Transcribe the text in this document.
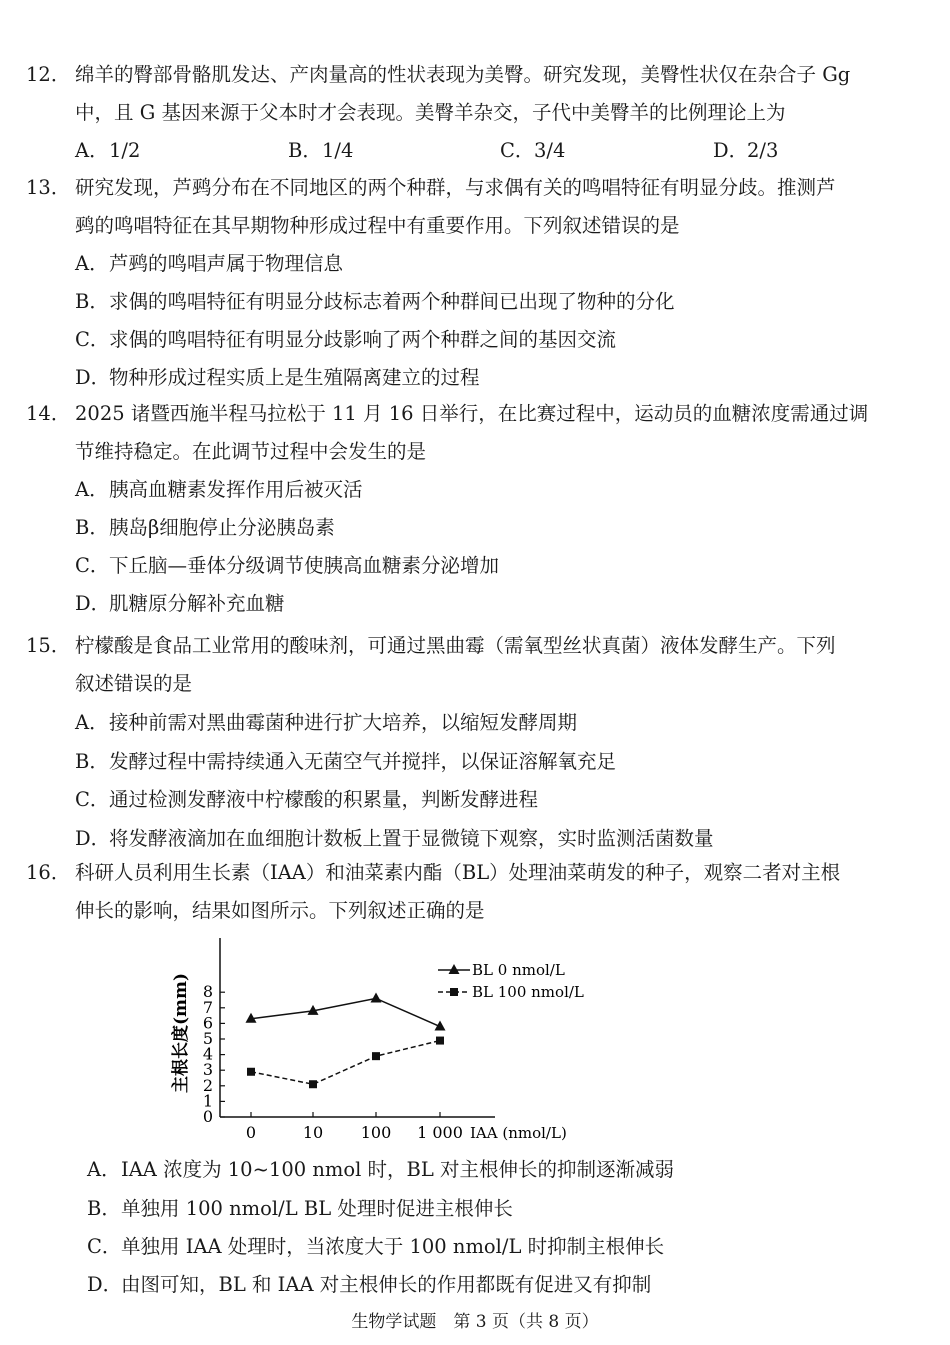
12． 绵羊的臀部骨骼肌发达、产肉量高的性状表现为美臀。研究发现，美臀性状仅在杂合子 Gg
中，且 G 基因来源于父本时才会表现。美臀羊杂交，子代中美臀羊的比例理论上为
A．1/2	B．1/4	C．3/4	D．2/3
13． 研究发现，芦鹀分布在不同地区的两个种群，与求偶有关的鸣唱特征有明显分歧。推测芦
鹀的鸣唱特征在其早期物种形成过程中有重要作用。下列叙述错误的是
A．芦鹀的鸣唱声属于物理信息
B．求偶的鸣唱特征有明显分歧标志着两个种群间已出现了物种的分化
C．求偶的鸣唱特征有明显分歧影响了两个种群之间的基因交流
D．物种形成过程实质上是生殖隔离建立的过程
14． 2025 诸暨西施半程马拉松于 11 月 16 日举行，在比赛过程中，运动员的血糖浓度需通过调
节维持稳定。在此调节过程中会发生的是
A．胰高血糖素发挥作用后被灭活
B．胰岛β细胞停止分泌胰岛素
C．下丘脑—垂体分级调节使胰高血糖素分泌增加
D．肌糖原分解补充血糖
15． 柠檬酸是食品工业常用的酸味剂，可通过黑曲霉（需氧型丝状真菌）液体发酵生产。下列
叙述错误的是
A．接种前需对黑曲霉菌种进行扩大培养，以缩短发酵周期
B．发酵过程中需持续通入无菌空气并搅拌，以保证溶解氧充足
C．通过检测发酵液中柠檬酸的积累量，判断发酵进程
D．将发酵液滴加在血细胞计数板上置于显微镜下观察，实时监测活菌数量
16． 科研人员利用生长素（IAA）和油菜素内酯（BL）处理油菜萌发的种子，观察二者对主根
伸长的影响，结果如图所示。下列叙述正确的是
0
1
2
3
4
5
6
7
8
0	10 100 1 000
BL 0 nmol/L
BL 100 nmol/L
主根长度(mm)
IAA (nmol/L)
A．IAA 浓度为 10~100 nmol 时，BL 对主根伸长的抑制逐渐减弱
B．单独用 100 nmol/L BL 处理时促进主根伸长
C．单独用 IAA 处理时，当浓度大于 100 nmol/L 时抑制主根伸长
D．由图可知，BL 和 IAA 对主根伸长的作用都既有促进又有抑制
生物学试题　第 3 页（共 8 页）
